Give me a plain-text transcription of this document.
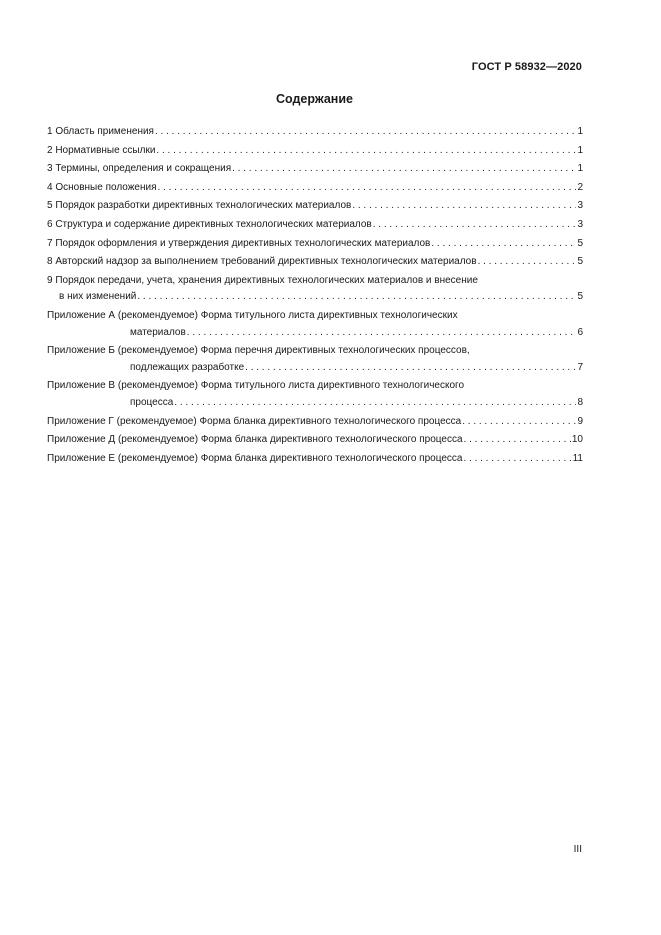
ГОСТ Р 58932—2020
Содержание
1 Область применения . . .	1
2 Нормативные ссылки . . .	1
3 Термины, определения и сокращения . . .	1
4 Основные положения . . .	2
5 Порядок разработки директивных технологических материалов . . .	3
6 Структура и содержание директивных технологических материалов . . .	3
7 Порядок оформления и утверждения директивных технологических материалов . . .	5
8 Авторский надзор за выполнением требований директивных технологических материалов . . .	5
9 Порядок передачи, учета, хранения директивных технологических материалов и внесение
в них изменений . . .	5
Приложение А (рекомендуемое) Форма титульного листа директивных технологических
материалов . . .	6
Приложение Б (рекомендуемое) Форма перечня директивных технологических процессов,
подлежащих разработке . . .	7
Приложение В (рекомендуемое) Форма титульного листа директивного технологического
процесса . . .	8
Приложение Г (рекомендуемое) Форма бланка директивного технологического процесса . . .	9
Приложение Д (рекомендуемое) Форма бланка директивного технологического процесса . . .	10
Приложение Е (рекомендуемое) Форма бланка директивного технологического процесса . . .	11
III
